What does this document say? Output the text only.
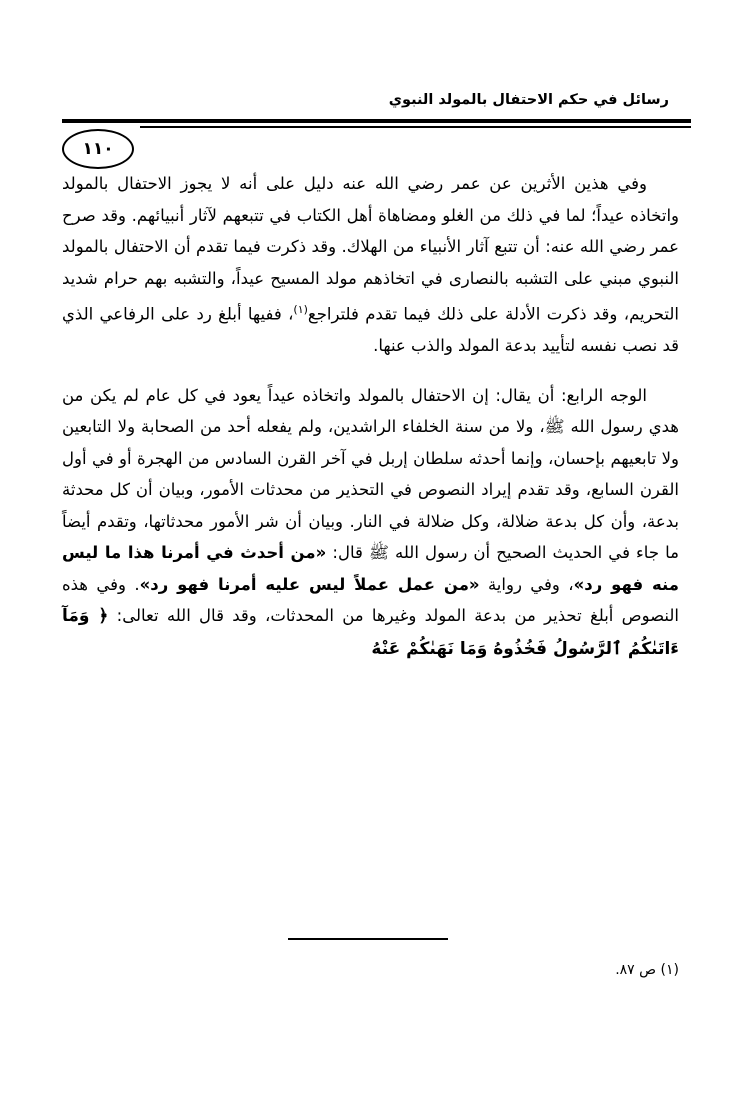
رسائل في حكم الاحتفال بالمولد النبوي
١١٠

وفي هذين الأثرين عن عمر رضي الله عنه دليل على أنه لا يجوز الاحتفال بالمولد واتخاذه عيداً؛ لما في ذلك من الغلو ومضاهاة أهل الكتاب في تتبعهم لآثار أنبيائهم. وقد صرح عمر رضي الله عنه: أن تتبع آثار الأنبياء من الهلاك. وقد ذكرت فيما تقدم أن الاحتفال بالمولد النبوي مبني على التشبه بالنصارى في اتخاذهم مولد المسيح عيداً، والتشبه بهم حرام شديد التحريم، وقد ذكرت الأدلة على ذلك فيما تقدم فلتراجع$^{(١)}$، ففيها أبلغ رد على الرفاعي الذي قد نصب نفسه لتأييد بدعة المولد والذب عنها.

الوجه الرابع: أن يقال: إن الاحتفال بالمولد واتخاذه عيداً يعود في كل عام لم يكن من هدي رسول الله ﷺ، ولا من سنة الخلفاء الراشدين، ولم يفعله أحد من الصحابة ولا التابعين ولا تابعيهم بإحسان، وإنما أحدثه سلطان إربل في آخر القرن السادس من الهجرة أو في أول القرن السابع، وقد تقدم إيراد النصوص في التحذير من محدثات الأمور، وبيان أن كل محدثة بدعة، وأن كل بدعة ضلالة، وكل ضلالة في النار. وبيان أن شر الأمور محدثاتها، وتقدم أيضاً ما جاء في الحديث الصحيح أن رسول الله ﷺ قال: «من أحدث في أمرنا هذا ما ليس منه فهو رد»، وفي رواية «من عمل عملاً ليس عليه أمرنا فهو رد». وفي هذه النصوص أبلغ تحذير من بدعة المولد وغيرها من المحدثات، وقد قال الله تعالى: ﴿ وَمَآ ءَاتَىٰكُمُ ٱلرَّسُولُ فَخُذُوهُ وَمَا نَهَىٰكُمْ عَنْهُ

(١) ص ٨٧.
